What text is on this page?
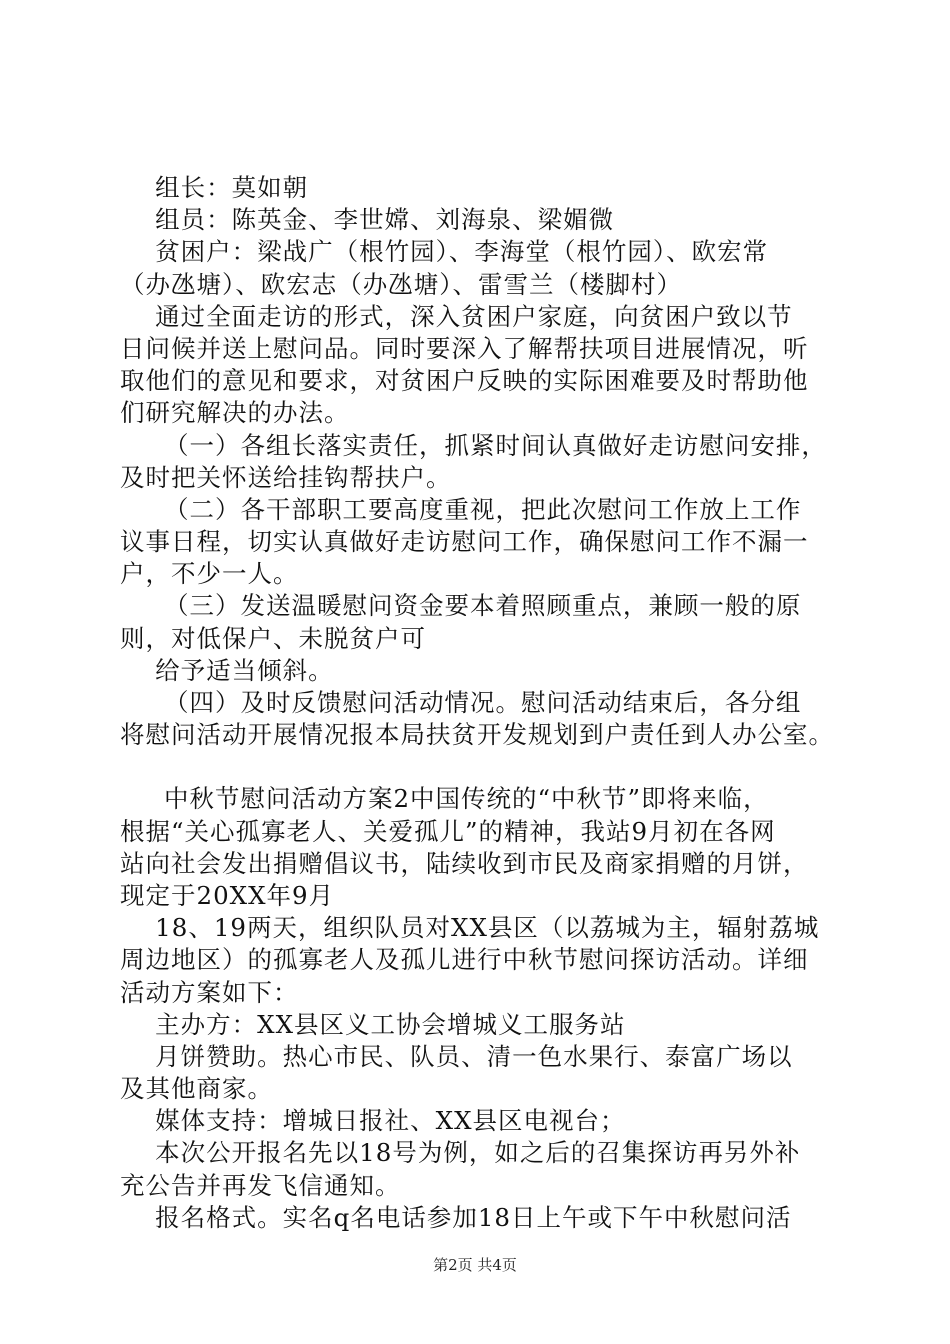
组长：莫如朝
组员：陈英金、李世嫦、刘海泉、梁媚微
贫困户：梁战广（根竹园）、李海堂（根竹园）、欧宏常
（办氹塘）、欧宏志（办氹塘）、雷雪兰（楼脚村）
通过全面走访的形式，深入贫困户家庭，向贫困户致以节
日问候并送上慰问品。同时要深入了解帮扶项目进展情况，听
取他们的意见和要求，对贫困户反映的实际困难要及时帮助他
们研究解决的办法。
（一）各组长落实责任，抓紧时间认真做好走访慰问安排，
及时把关怀送给挂钩帮扶户。
（二）各干部职工要高度重视，把此次慰问工作放上工作
议事日程，切实认真做好走访慰问工作，确保慰问工作不漏一
户，不少一人。
（三）发送温暖慰问资金要本着照顾重点，兼顾一般的原
则，对低保户、未脱贫户可
给予适当倾斜。
（四）及时反馈慰问活动情况。慰问活动结束后，各分组
将慰问活动开展情况报本局扶贫开发规划到户责任到人办公室。
中秋节慰问活动方案2中国传统的“中秋节”即将来临，
根据“关心孤寡老人、关爱孤儿”的精神，我站9月初在各网
站向社会发出捐赠倡议书，陆续收到市民及商家捐赠的月饼，
现定于20XX年9月
18、19两天，组织队员对XX县区（以荔城为主，辐射荔城
周边地区）的孤寡老人及孤儿进行中秋节慰问探访活动。详细
活动方案如下：
主办方：XX县区义工协会增城义工服务站
月饼赞助。热心市民、队员、清一色水果行、泰富广场以
及其他商家。
媒体支持：增城日报社、XX县区电视台；
本次公开报名先以18号为例，如之后的召集探访再另外补
充公告并再发飞信通知。
报名格式。实名q名电话参加18日上午或下午中秋慰问活
第2页 共4页
